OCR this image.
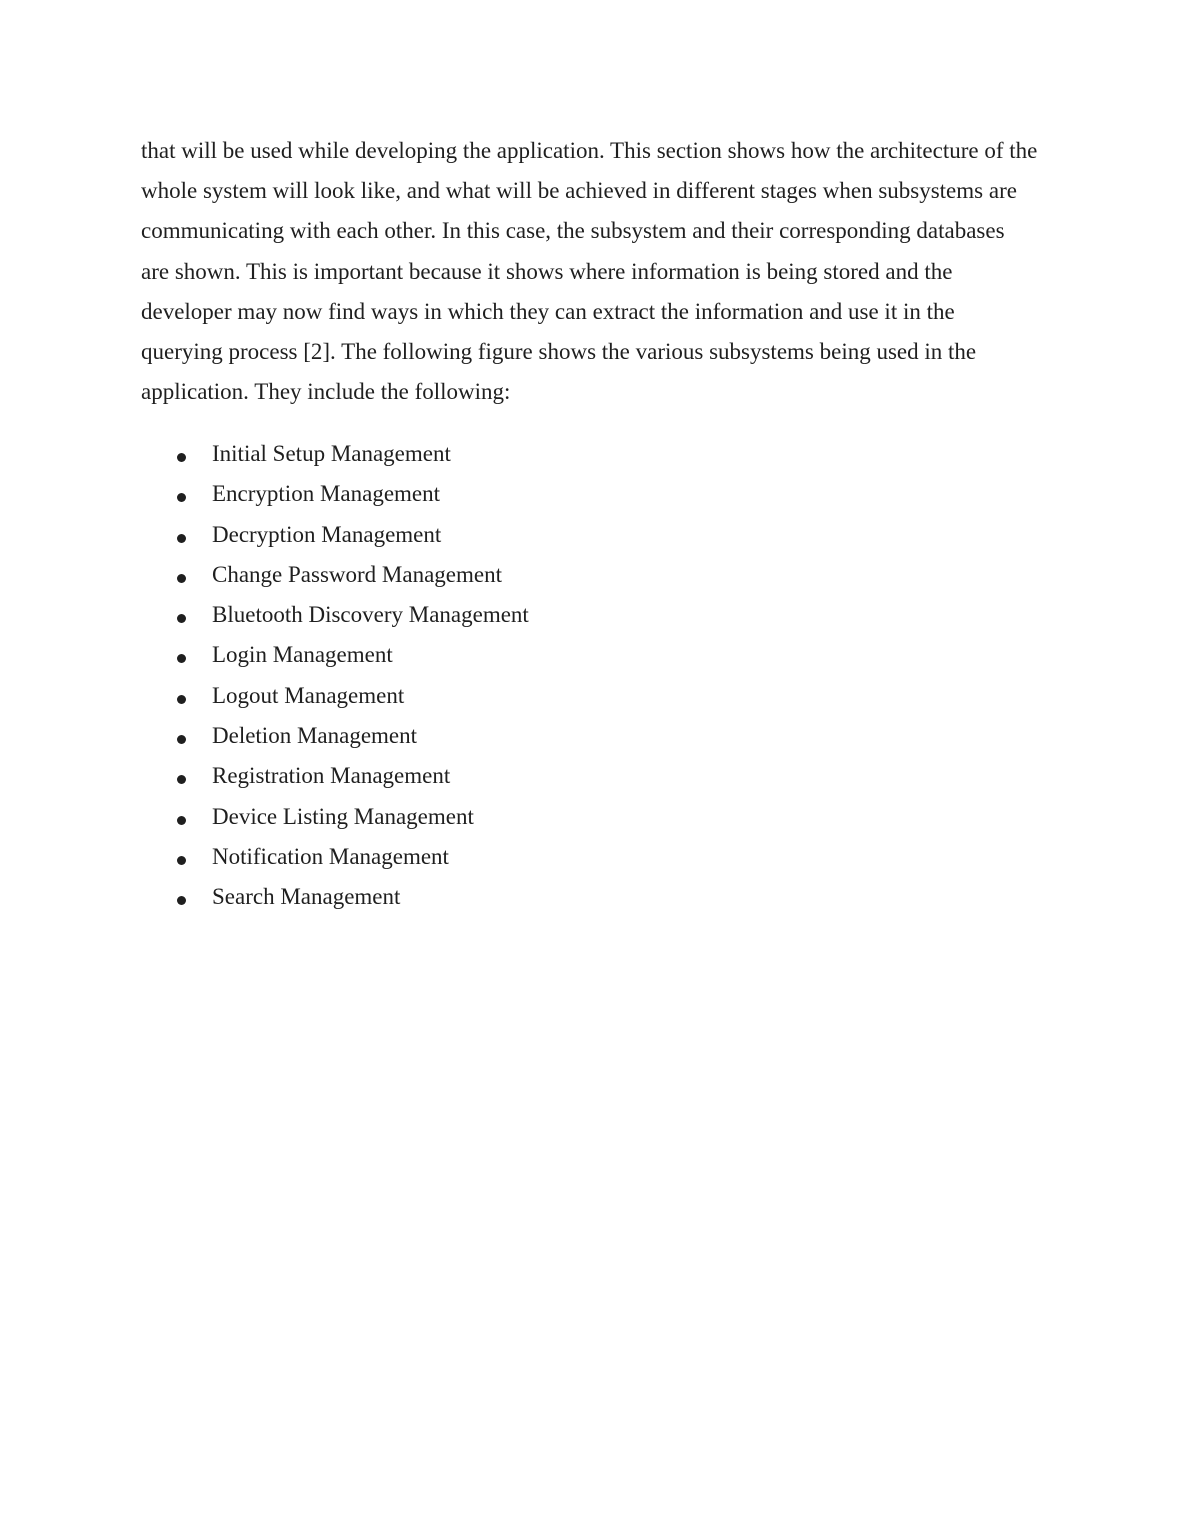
that will be used while developing the application. This section shows how the architecture of the
whole system will look like, and what will be achieved in different stages when subsystems are
communicating with each other. In this case, the subsystem and their corresponding databases
are shown. This is important because it shows where information is being stored and the
developer may now find ways in which they can extract the information and use it in the
querying process [2]. The following figure shows the various subsystems being used in the
application. They include the following:
Initial Setup Management
Encryption Management
Decryption Management
Change Password Management
Bluetooth Discovery Management
Login Management
Logout Management
Deletion Management
Registration Management
Device Listing Management
Notification Management
Search Management
